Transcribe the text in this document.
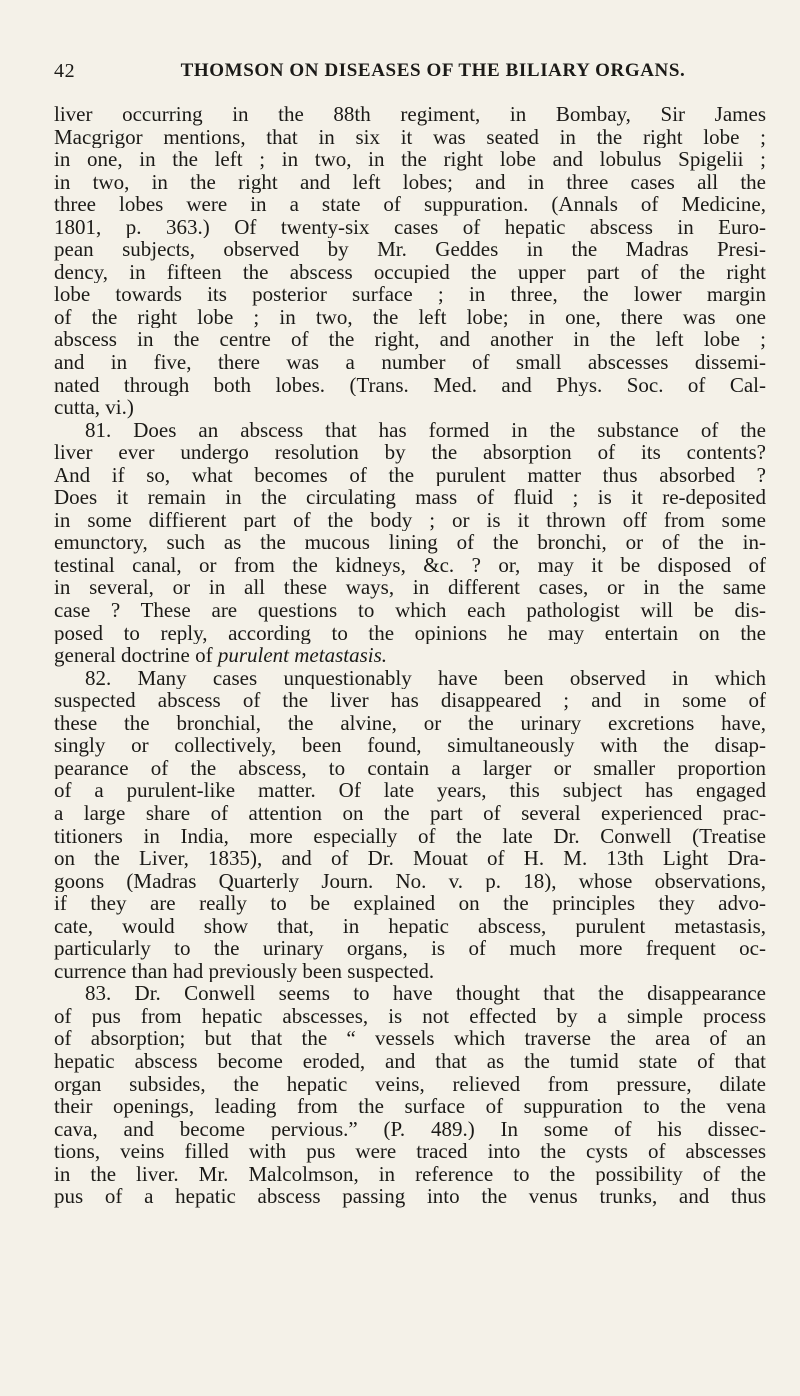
42	THOMSON ON DISEASES OF THE BILIARY ORGANS.
liver occurring in the 88th regiment, in Bombay, Sir James
Macgrigor mentions, that in six it was seated in the right lobe ;
in one, in the left ; in two, in the right lobe and lobulus Spigelii ;
in two, in the right and left lobes; and in three cases all the
three lobes were in a state of suppuration. (Annals of Medicine,
1801, p. 363.) Of twenty-six cases of hepatic abscess in Euro-
pean subjects, observed by Mr. Geddes in the Madras Presi-
dency, in fifteen the abscess occupied the upper part of the right
lobe towards its posterior surface ; in three, the lower margin
of the right lobe ; in two, the left lobe; in one, there was one
abscess in the centre of the right, and another in the left lobe ;
and in five, there was a number of small abscesses dissemi-
nated through both lobes. (Trans. Med. and Phys. Soc. of Cal-
cutta, vi.)
81. Does an abscess that has formed in the substance of the
liver ever undergo resolution by the absorption of its contents?
And if so, what becomes of the purulent matter thus absorbed ?
Does it remain in the circulating mass of fluid ; is it re-deposited
in some diffierent part of the body ; or is it thrown off from some
emunctory, such as the mucous lining of the bronchi, or of the in-
testinal canal, or from the kidneys, &c. ? or, may it be disposed of
in several, or in all these ways, in different cases, or in the same
case ? These are questions to which each pathologist will be dis-
posed to reply, according to the opinions he may entertain on the
general doctrine of purulent metastasis.
82. Many cases unquestionably have been observed in which
suspected abscess of the liver has disappeared ; and in some of
these the bronchial, the alvine, or the urinary excretions have,
singly or collectively, been found, simultaneously with the disap-
pearance of the abscess, to contain a larger or smaller proportion
of a purulent-like matter. Of late years, this subject has engaged
a large share of attention on the part of several experienced prac-
titioners in India, more especially of the late Dr. Conwell (Treatise
on the Liver, 1835), and of Dr. Mouat of H. M. 13th Light Dra-
goons (Madras Quarterly Journ. No. v. p. 18), whose observations,
if they are really to be explained on the principles they advo-
cate, would show that, in hepatic abscess, purulent metastasis,
particularly to the urinary organs, is of much more frequent oc-
currence than had previously been suspected.
83. Dr. Conwell seems to have thought that the disappearance
of pus from hepatic abscesses, is not effected by a simple process
of absorption; but that the “ vessels which traverse the area of an
hepatic abscess become eroded, and that as the tumid state of that
organ subsides, the hepatic veins, relieved from pressure, dilate
their openings, leading from the surface of suppuration to the vena
cava, and become pervious.” (P. 489.) In some of his dissec-
tions, veins filled with pus were traced into the cysts of abscesses
in the liver. Mr. Malcolmson, in reference to the possibility of the
pus of a hepatic abscess passing into the venus trunks, and thus
